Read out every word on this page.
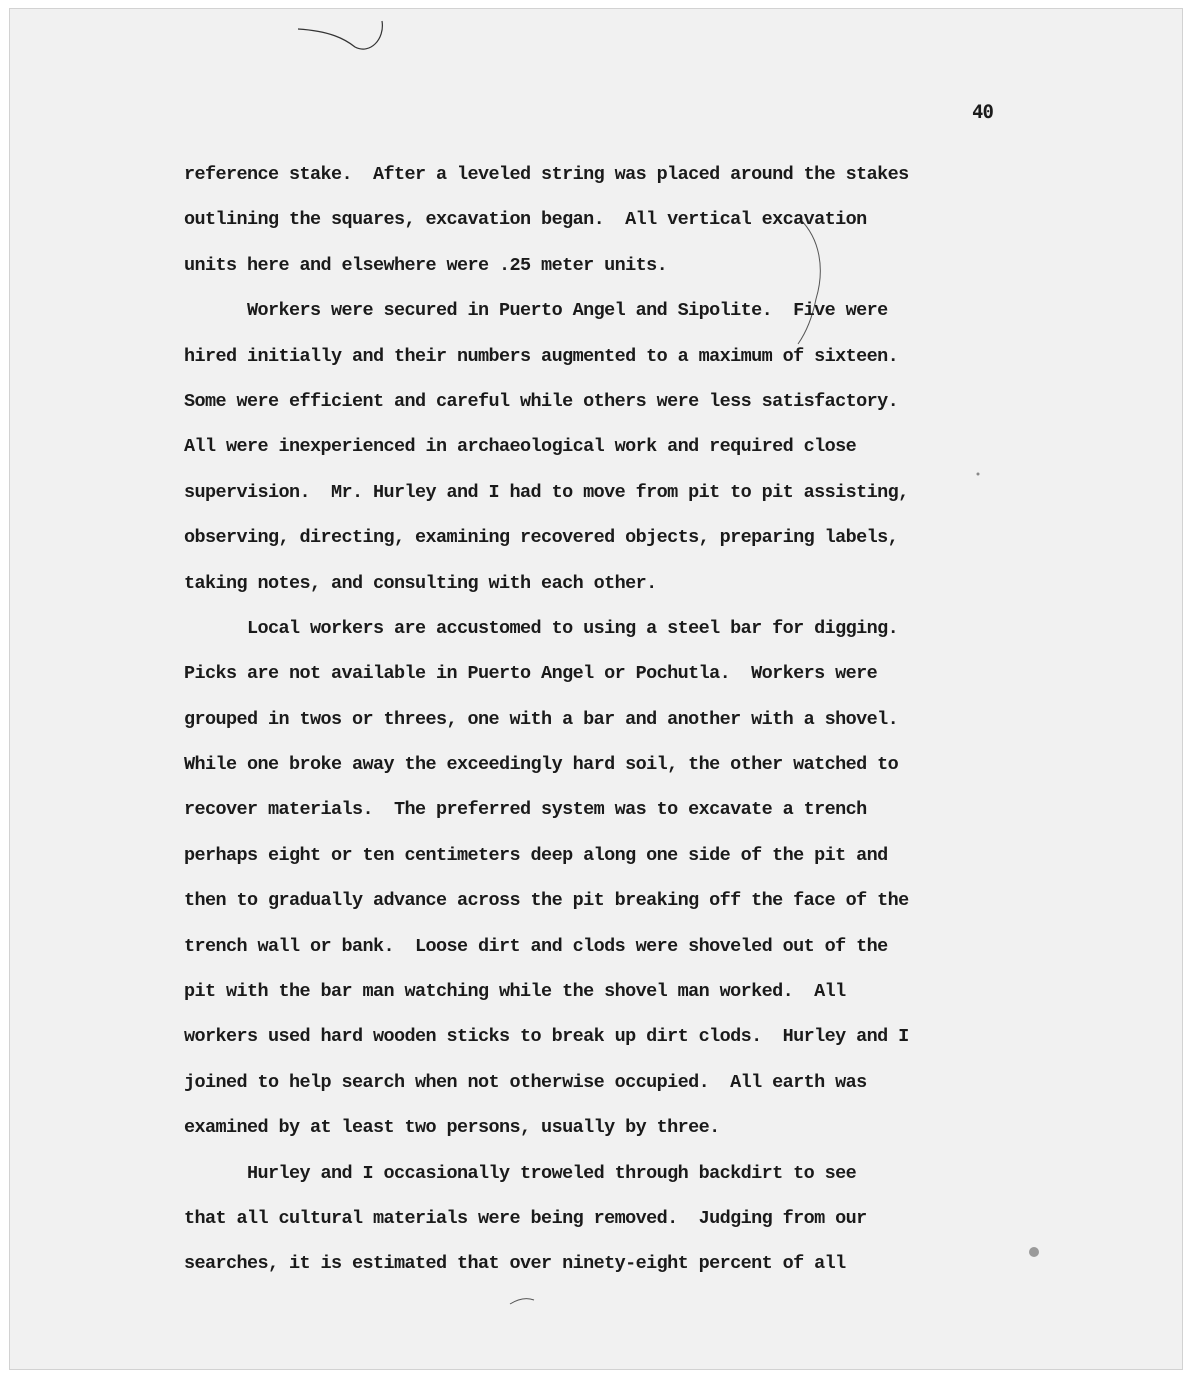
40
reference stake.  After a leveled string was placed around the stakes
outlining the squares, excavation began.  All vertical excavation
units here and elsewhere were .25 meter units.
Workers were secured in Puerto Angel and Sipolite.  Five were
hired initially and their numbers augmented to a maximum of sixteen.
Some were efficient and careful while others were less satisfactory.
All were inexperienced in archaeological work and required close
supervision.  Mr. Hurley and I had to move from pit to pit assisting,
observing, directing, examining recovered objects, preparing labels,
taking notes, and consulting with each other.
Local workers are accustomed to using a steel bar for digging.
Picks are not available in Puerto Angel or Pochutla.  Workers were
grouped in twos or threes, one with a bar and another with a shovel.
While one broke away the exceedingly hard soil, the other watched to
recover materials.  The preferred system was to excavate a trench
perhaps eight or ten centimeters deep along one side of the pit and
then to gradually advance across the pit breaking off the face of the
trench wall or bank.  Loose dirt and clods were shoveled out of the
pit with the bar man watching while the shovel man worked.  All
workers used hard wooden sticks to break up dirt clods.  Hurley and I
joined to help search when not otherwise occupied.  All earth was
examined by at least two persons, usually by three.
Hurley and I occasionally troweled through backdirt to see
that all cultural materials were being removed.  Judging from our
searches, it is estimated that over ninety-eight percent of all
